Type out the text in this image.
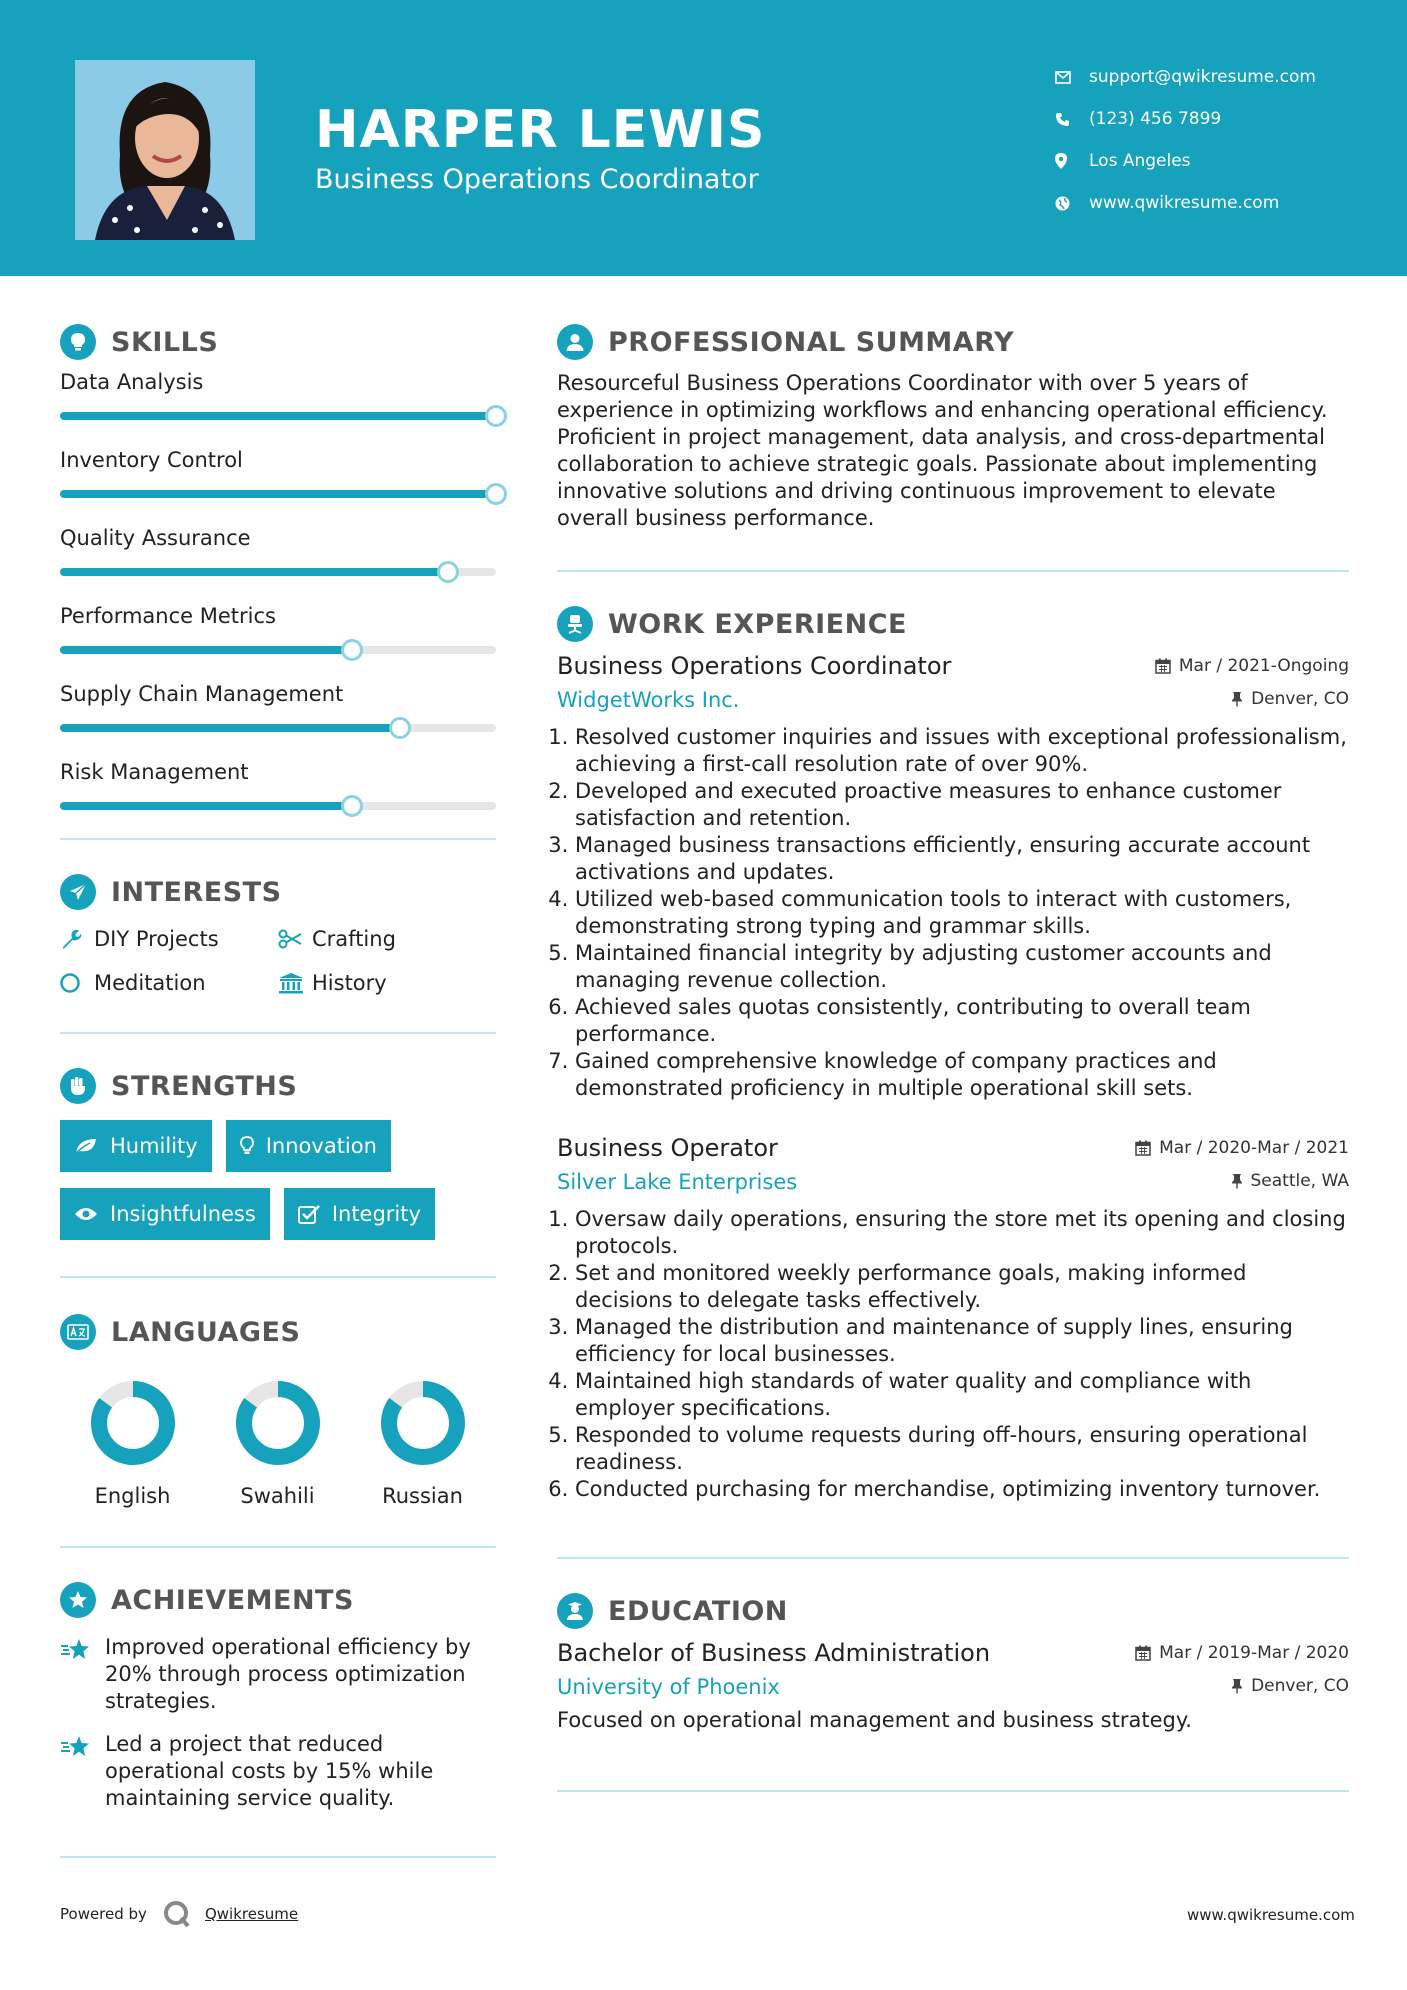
HARPER LEWIS
Business Operations Coordinator
support@qwikresume.com
(123) 456 7899
Los Angeles
www.qwikresume.com
SKILLS
Data Analysis
Inventory Control
Quality Assurance
Performance Metrics
Supply Chain Management
Risk Management
INTERESTS
DIY Projects	Crafting
Meditation	History
STRENGTHS
Humility	Innovation
Insightfulness	Integrity
LANGUAGES
English	Swahili	Russian
ACHIEVEMENTS
Improved operational efficiency by 20% through process optimization strategies.
Led a project that reduced operational costs by 15% while maintaining service quality.
PROFESSIONAL SUMMARY
Resourceful Business Operations Coordinator with over 5 years of experience in optimizing workflows and enhancing operational efficiency. Proficient in project management, data analysis, and cross-departmental collaboration to achieve strategic goals. Passionate about implementing innovative solutions and driving continuous improvement to elevate overall business performance.
WORK EXPERIENCE
Business Operations Coordinator	Mar / 2021-Ongoing
WidgetWorks Inc.	Denver, CO
1. Resolved customer inquiries and issues with exceptional professionalism, achieving a first-call resolution rate of over 90%.
2. Developed and executed proactive measures to enhance customer satisfaction and retention.
3. Managed business transactions efficiently, ensuring accurate account activations and updates.
4. Utilized web-based communication tools to interact with customers, demonstrating strong typing and grammar skills.
5. Maintained financial integrity by adjusting customer accounts and managing revenue collection.
6. Achieved sales quotas consistently, contributing to overall team performance.
7. Gained comprehensive knowledge of company practices and demonstrated proficiency in multiple operational skill sets.
Business Operator	Mar / 2020-Mar / 2021
Silver Lake Enterprises	Seattle, WA
1. Oversaw daily operations, ensuring the store met its opening and closing protocols.
2. Set and monitored weekly performance goals, making informed decisions to delegate tasks effectively.
3. Managed the distribution and maintenance of supply lines, ensuring efficiency for local businesses.
4. Maintained high standards of water quality and compliance with employer specifications.
5. Responded to volume requests during off-hours, ensuring operational readiness.
6. Conducted purchasing for merchandise, optimizing inventory turnover.
EDUCATION
Bachelor of Business Administration	Mar / 2019-Mar / 2020
University of Phoenix	Denver, CO
Focused on operational management and business strategy.
Powered by	Qwikresume	www.qwikresume.com
